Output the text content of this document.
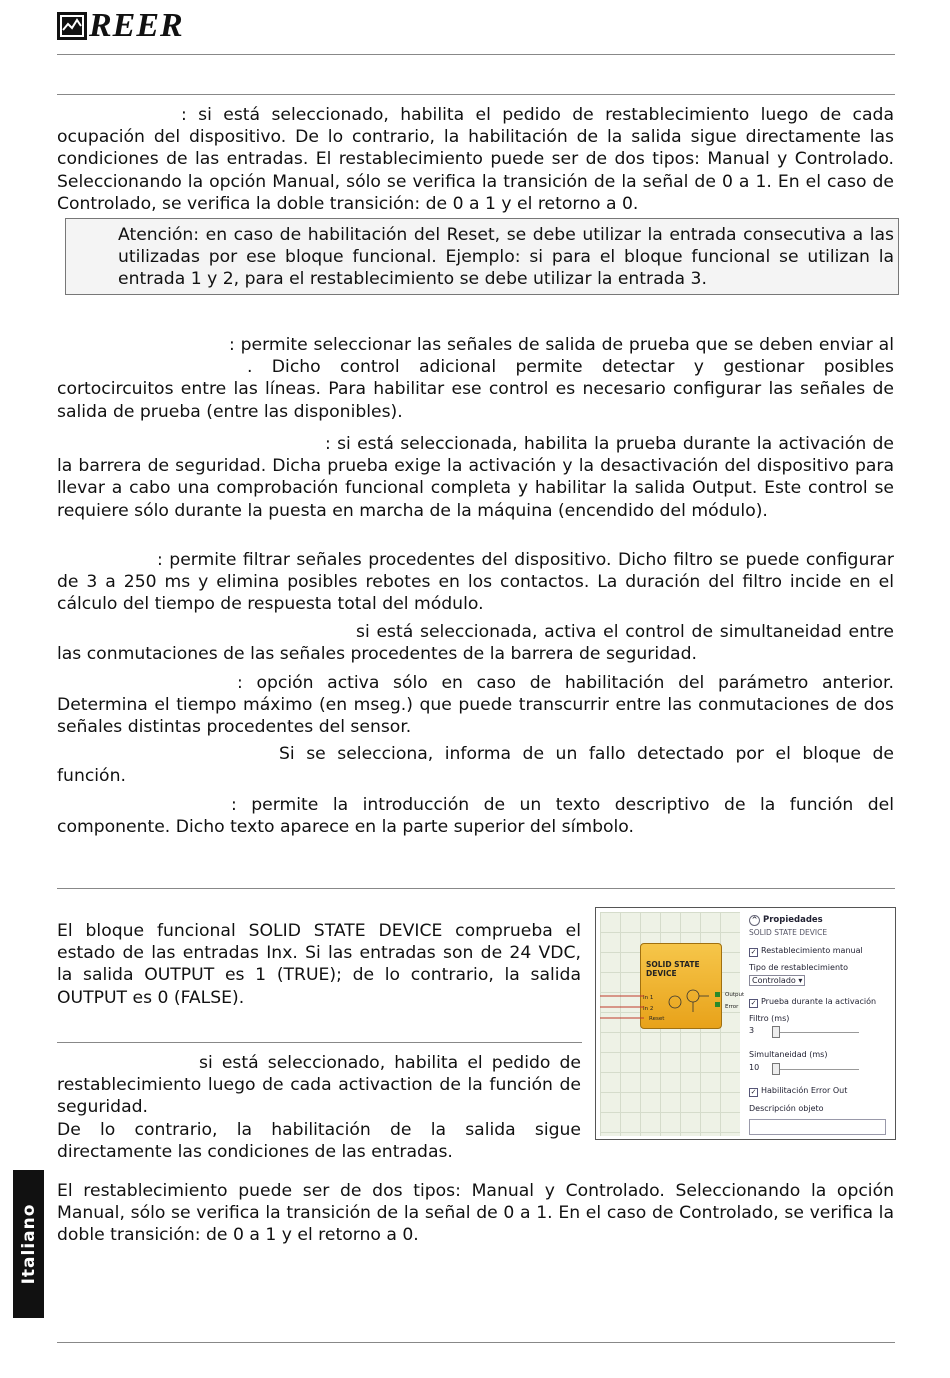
REER

: si está seleccionado, habilita el pedido de restablecimiento luego de cada ocupación del dispositivo. De lo contrario, la habilitación de la salida sigue directamente las condiciones de las entradas. El restablecimiento puede ser de dos tipos: Manual y Controlado. Seleccionando la opción Manual, sólo se verifica la transición de la señal de 0 a 1. En el caso de Controlado, se verifica la doble transición: de 0 a 1 y el retorno a 0.

Atención: en caso de habilitación del Reset, se debe utilizar la entrada consecutiva a las utilizadas por ese bloque funcional. Ejemplo: si para el bloque funcional se utilizan la entrada 1 y 2, para el restablecimiento se debe utilizar la entrada 3.

: permite seleccionar las señales de salida de prueba que se deben enviar al. Dicho control adicional permite detectar y gestionar posibles cortocircuitos entre las líneas. Para habilitar ese control es necesario configurar las señales de salida de prueba (entre las disponibles).

: si está seleccionada, habilita la prueba durante la activación de la barrera de seguridad. Dicha prueba exige la activación y la desactivación del dispositivo para llevar a cabo una comprobación funcional completa y habilitar la salida Output. Este control se requiere sólo durante la puesta en marcha de la máquina (encendido del módulo).

: permite filtrar señales procedentes del dispositivo. Dicho filtro se puede configurar de 3 a 250 ms y elimina posibles rebotes en los contactos. La duración del filtro incide en el cálculo del tiempo de respuesta total del módulo.

si está seleccionada, activa el control de simultaneidad entre las conmutaciones de las señales procedentes de la barrera de seguridad.

: opción activa sólo en caso de habilitación del parámetro anterior. Determina el tiempo máximo (en mseg.) que puede transcurrir entre las conmutaciones de dos señales distintas procedentes del sensor.

Si se selecciona, informa de un fallo detectado por el bloque de función.

: permite la introducción de un texto descriptivo de la función del componente. Dicho texto aparece en la parte superior del símbolo.

El bloque funcional SOLID STATE DEVICE comprueba el estado de las entradas Inx. Si las entradas son de 24 VDC, la salida OUTPUT es 1 (TRUE); de lo contrario, la salida OUTPUT es 0 (FALSE).

si está seleccionado, habilita el pedido de restablecimiento luego de cada activaction de la función de seguridad.

De lo contrario, la habilitación de la salida sigue directamente las condiciones de las entradas.

El restablecimiento puede ser de dos tipos: Manual y Controlado. Seleccionando la opción Manual, sólo se verifica la transición de la señal de 0 a 1. En el caso de Controlado, se verifica la doble transición: de 0 a 1 y el retorno a 0.

SOLID STATE DEVICE
In 1
In 2
Reset
Output
Error
^ Propiedades
SOLID STATE DEVICE
✓ Restablecimiento manual
Tipo de restablecimiento
Controlado ▾
✓ Prueba durante la activación
Filtro (ms)
3
Simultaneidad (ms)
10
✓ Habilitación Error Out
Descripción objeto
Italiano
